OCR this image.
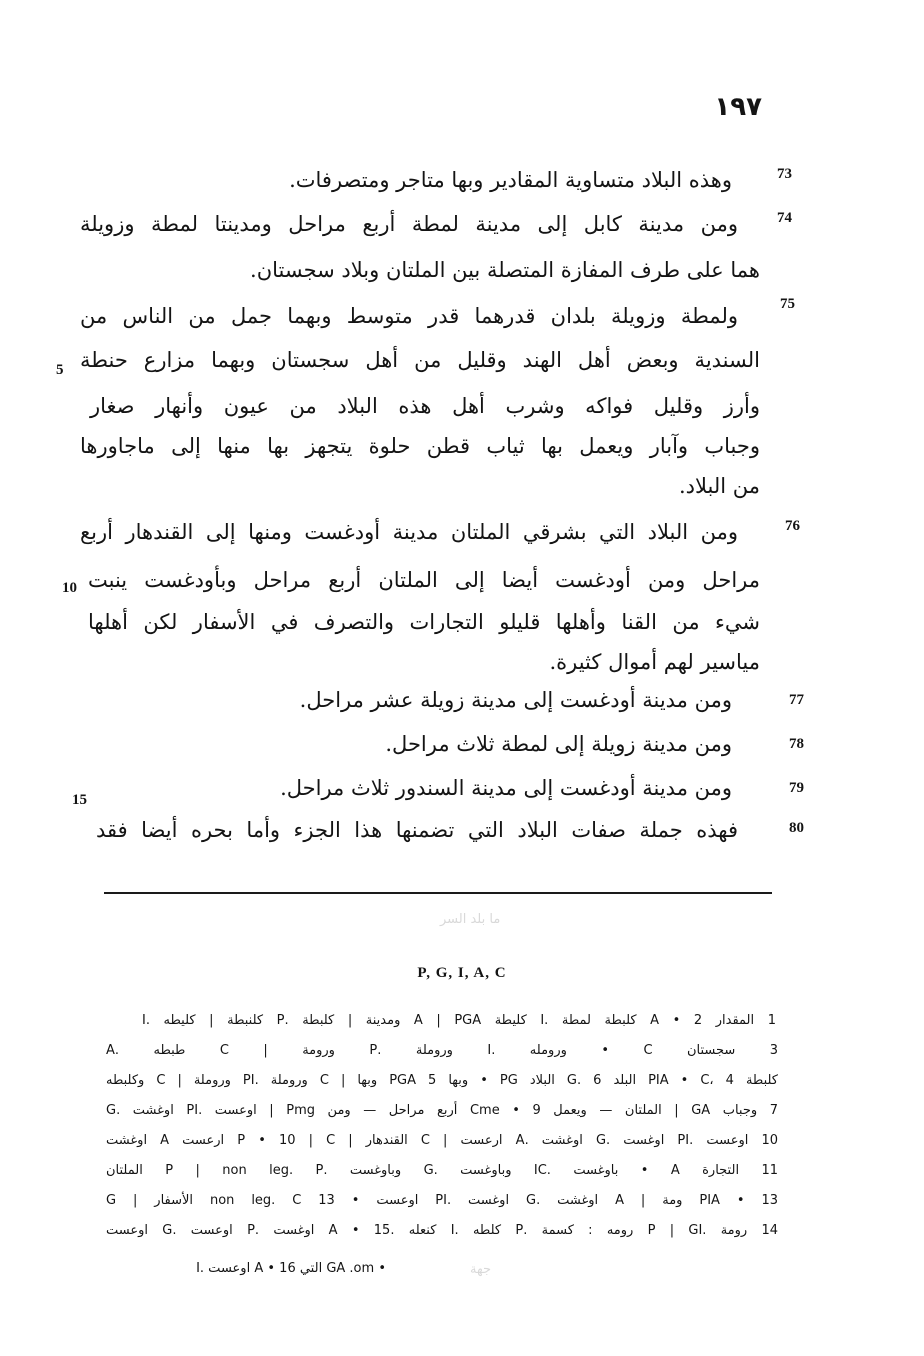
١٩٧
73
وهذه البلاد متساوية المقادير وبها متاجر ومتصرفات.
74
ومن مدينة كابل إلى مدينة لمطة أربع مراحل ومدينتا لمطة وزويلة
هما على طرف المفازة المتصلة بين الملتان وبلاد سجستان.
75
ولمطة وزويلة بلدان قدرهما قدر متوسط وبهما جمل من الناس من
السندية وبعض أهل الهند وقليل من أهل سجستان وبهما مزارع حنطة
وأرز وقليل فواكه وشرب أهل هذه البلاد من عيون وأنهار صغار
وجباب وآبار ويعمل بها ثياب قطن حلوة يتجهز بها منها إلى ماجاورها
من البلاد.
76
ومن البلاد التي بشرقي الملتان مدينة أودغست ومنها إلى القندهار أربع
مراحل ومن أودغست أيضا إلى الملتان أربع مراحل وبأودغست ينبت
شيء من القنا وأهلها قليلو التجارات والتصرف في الأسفار لكن أهلها
مياسير لهم أموال كثيرة.
77
ومن مدينة أودغست إلى مدينة زويلة عشر مراحل.
78
ومن مدينة زويلة إلى لمطة ثلاث مراحل.
79
ومن مدينة أودغست إلى مدينة السندور ثلاث مراحل.
80
فهذه جملة صفات البلاد التي تضمنها هذا الجزء وأما بحره أيضا فقد
5
10
15
ما بلد السر
جهة
P, G, I, A, C
1 المقدار A • 2 كلبطة لمطة .I كليطة A | PGA ومدينة | كلبطة .P كلنبطة | كليطه .I
3 سجستان C • ورومله .I وروملة .P ورومة | C طبطه .A
كلبطة 4 ،PIA • C البلد 6 .G البلاد PG • وبها 5 PGA وبها | C وروملة .PI وروملة | C وكلبطه
7 وجباب GA | الملتان — ويعمل Cme • 9 أربع مراحل — ومن Pmg | اوعست .PI اوغشت .G
10 اوعست .PI اوغست .G اوغشت .A ارعست | C القندهار | P • 10 | C ارعست A اوغشت
11 التجارة A • باوغست .IC وباوغست .G وباوغست .P | non leg. P الملتان
PIA • 13 ومة | A اوغشت .G اوغست .PI اوعست • 13 non leg. C الأسفار | G
14 رومة .P | GI رومه : كسمة .P كلطه .I كنعله .A • 15 اوغست .P اوعست .G اوعست
• GA .om التي 16 • A اوعست .I
